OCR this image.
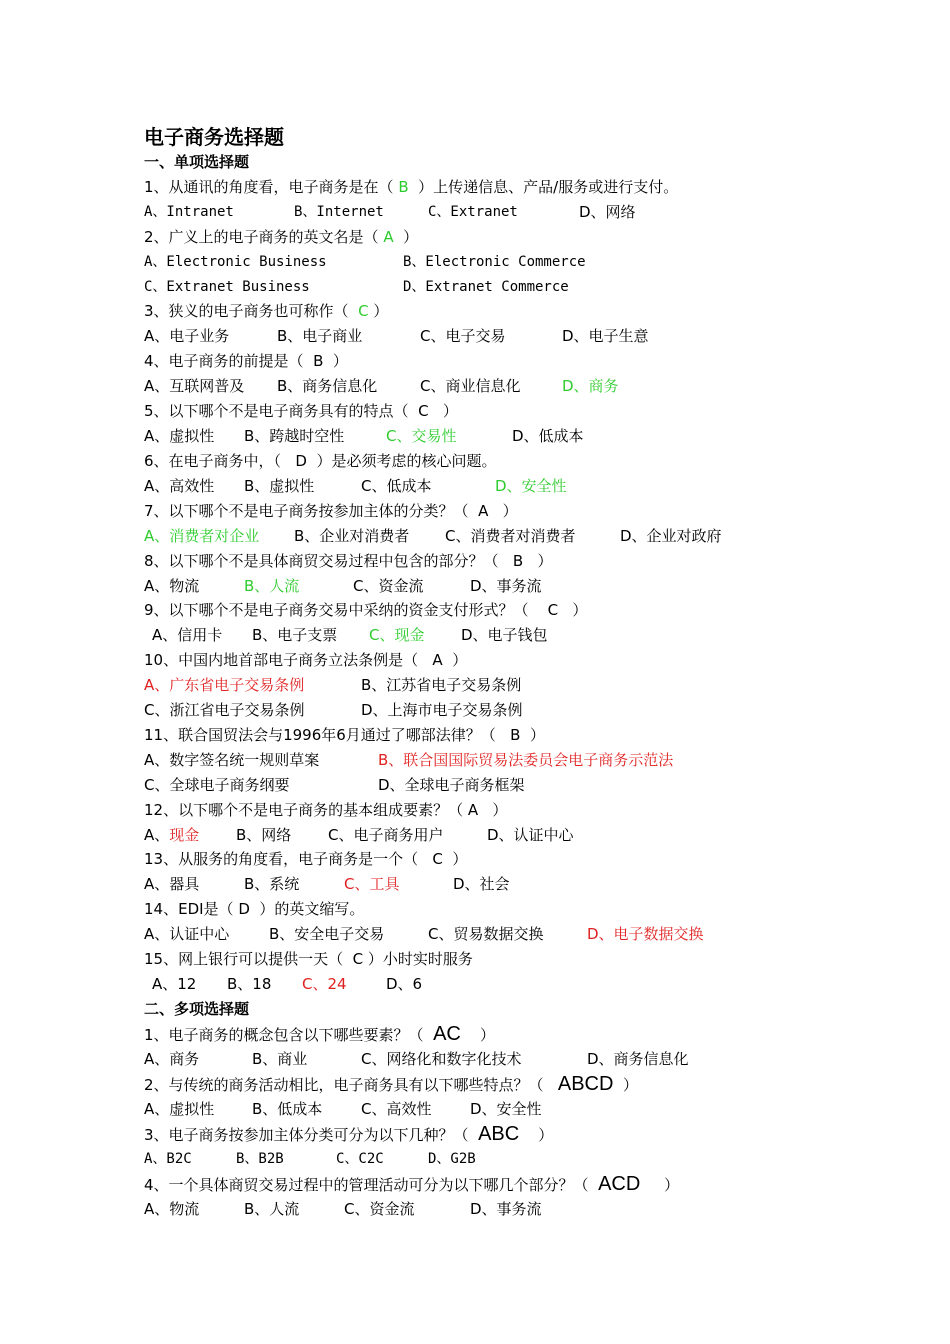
电子商务选择题
一、单项选择题
1、从通讯的角度看，电子商务是在（ B  ）上传递信息、产品/服务或进行支付。
A、Intranet	B、Internet	C、Extranet	D、网络
2、广义上的电子商务的英文名是（ A  ）
A、Electronic Business	B、Electronic Commerce
C、Extranet Business	D、Extranet Commerce
3、狭义的电子商务也可称作（  C ）
A、电子业务	B、电子商业	C、电子交易	D、电子生意
4、电子商务的前提是（  B  ）
A、互联网普及 B、商务信息化	C、商业信息化	D、商务
5、以下哪个不是电子商务具有的特点（  C   ）
A、虚拟性 B、跨越时空性	C、交易性	D、低成本
6、在电子商务中，（   D  ）是必须考虑的核心问题。
A、高效性 B、虚拟性	C、低成本	D、安全性
7、以下哪个不是电子商务按参加主体的分类？（  A   ）
A、消费者对企业 B、企业对消费者 C、消费者对消费者	D、企业对政府
8、以下哪个不是具体商贸交易过程中包含的部分？（   B   ）
A、物流	B、人流	C、资金流	D、事务流
9、以下哪个不是电子商务交易中采纳的资金支付形式？（    C   ）
A、信用卡 B、电子支票 C、现金 D、电子钱包
10、中国内地首部电子商务立法条例是（   A  ）
A、广东省电子交易条例	B、江苏省电子交易条例
C、浙江省电子交易条例	D、上海市电子交易条例
11、联合国贸法会与1996年6月通过了哪部法律？（   B  ）
A、数字签名统一规则草案	B、联合国国际贸易法委员会电子商务示范法
C、全球电子商务纲要	D、全球电子商务框架
12、以下哪个不是电子商务的基本组成要素？（ A   ）
A、现金 B、网络 C、电子商务用户	D、认证中心
13、从服务的角度看，电子商务是一个（   C  ）
A、器具	B、系统	C、工具	D、社会
14、EDI是（ D  ）的英文缩写。
A、认证中心	B、安全电子交易	C、贸易数据交换	D、电子数据交换
15、网上银行可以提供一天（  C ）小时实时服务
A、12 B、18 C、24	D、6
二、多项选择题
1、电子商务的概念包含以下哪些要素？（  AC    ）
A、商务	B、商业	C、网络化和数字化技术	D、商务信息化
2、与传统的商务活动相比，电子商务具有以下哪些特点？（   ABCD  ）
A、虚拟性	B、低成本	C、高效性	D、安全性
3、电子商务按参加主体分类可分为以下几种？（  ABC    ）
A、B2C	B、B2B	C、C2C	D、G2B
4、一个具体商贸交易过程中的管理活动可分为以下哪几个部分？（  ACD     ）
A、物流	B、人流	C、资金流	D、事务流
